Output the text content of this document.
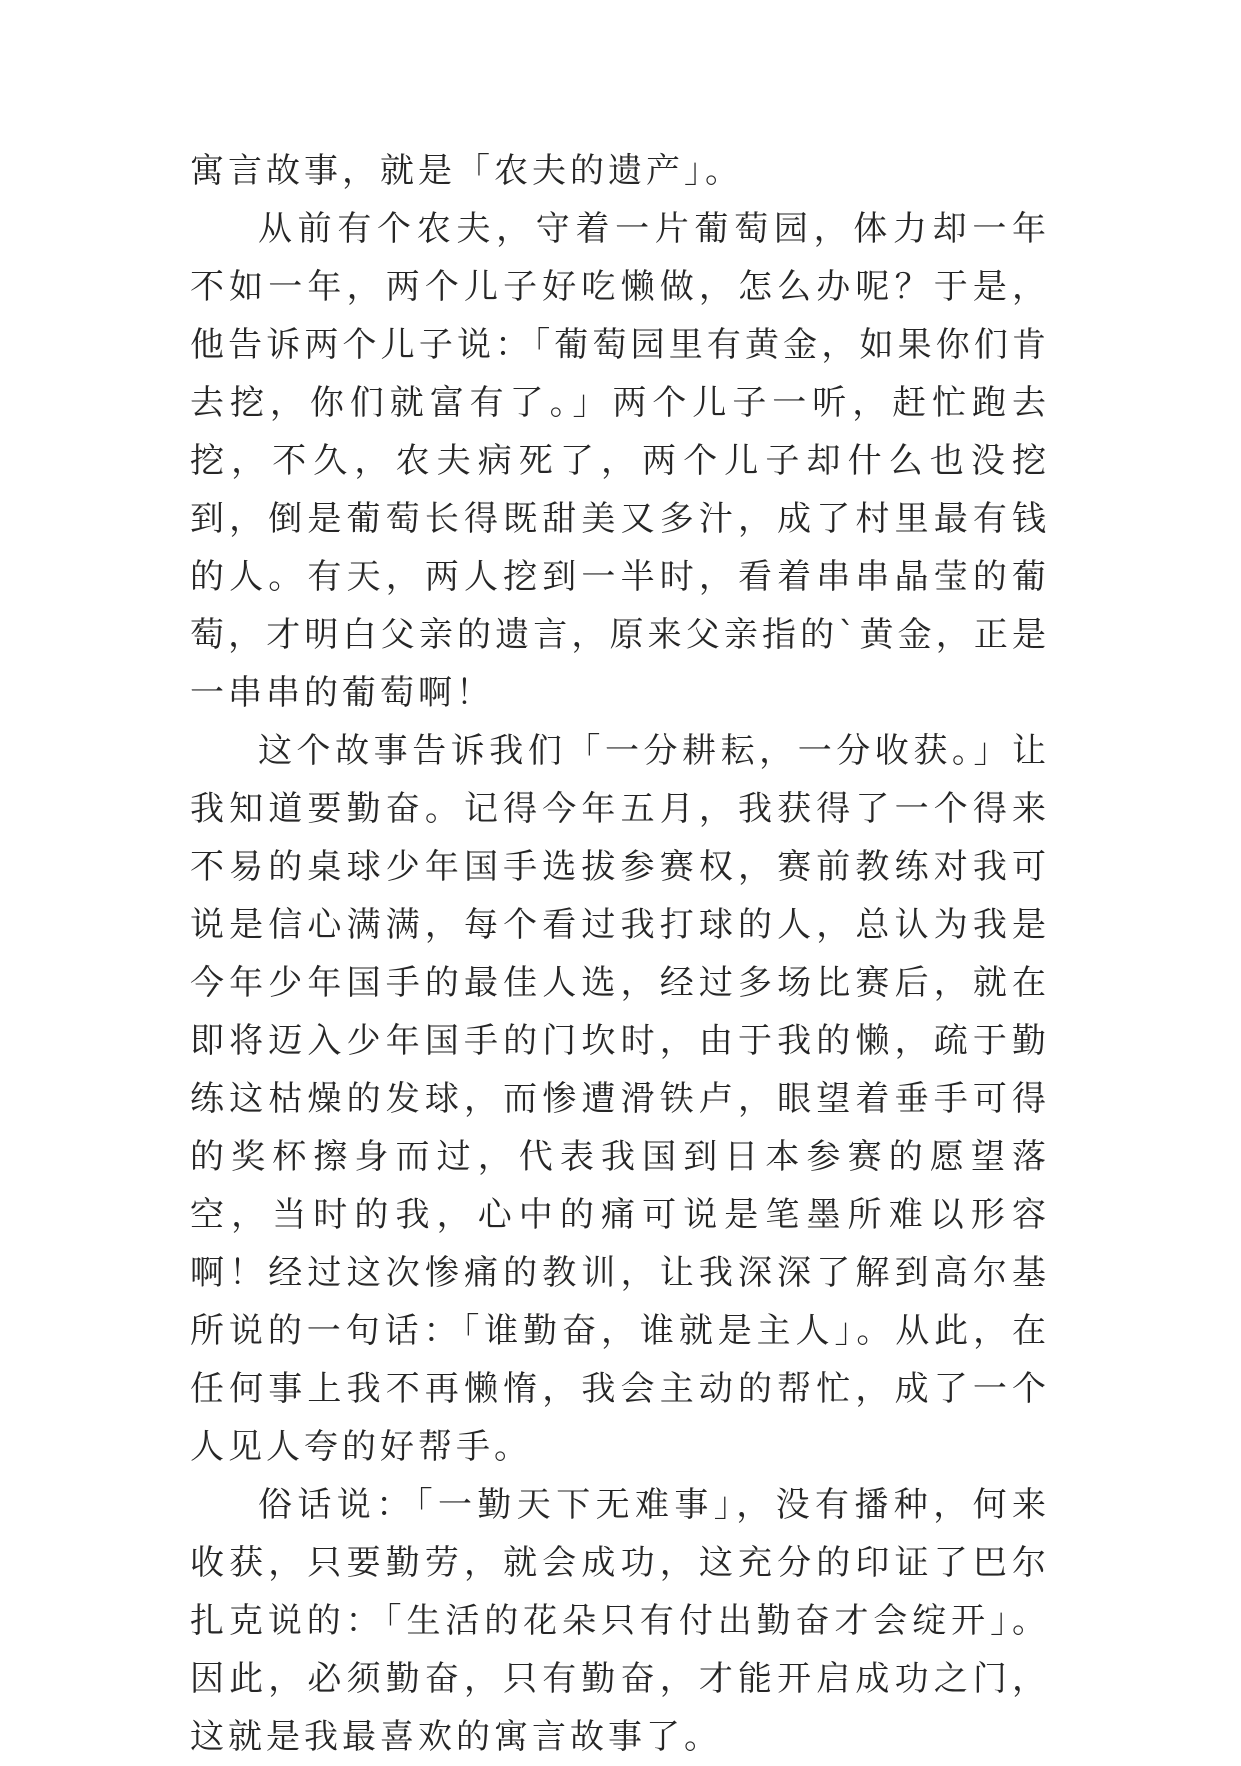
寓言故事，就是「农夫的遗产」。

从前有个农夫，守着一片葡萄园，体力却一年不如一年，两个儿子好吃懒做，怎么办呢？于是，他告诉两个儿子说：「葡萄园里有黄金，如果你们肯去挖，你们就富有了。」两个儿子一听，赶忙跑去挖，不久，农夫病死了，两个儿子却什么也没挖到，倒是葡萄长得既甜美又多汁，成了村里最有钱的人。有天，两人挖到一半时，看着串串晶莹的葡萄，才明白父亲的遗言，原来父亲指的`黄金，正是一串串的葡萄啊！

这个故事告诉我们「一分耕耘，一分收获。」让我知道要勤奋。记得今年五月，我获得了一个得来不易的桌球少年国手选拔参赛权，赛前教练对我可说是信心满满，每个看过我打球的人，总认为我是今年少年国手的最佳人选，经过多场比赛后，就在即将迈入少年国手的门坎时，由于我的懒，疏于勤练这枯燥的发球，而惨遭滑铁卢，眼望着垂手可得的奖杯擦身而过，代表我国到日本参赛的愿望落空，当时的我，心中的痛可说是笔墨所难以形容啊！经过这次惨痛的教训，让我深深了解到高尔基所说的一句话：「谁勤奋，谁就是主人」。从此，在任何事上我不再懒惰，我会主动的帮忙，成了一个人见人夸的好帮手。

俗话说：「一勤天下无难事」，没有播种，何来收获，只要勤劳，就会成功，这充分的印证了巴尔扎克说的：「生活的花朵只有付出勤奋才会绽开」。因此，必须勤奋，只有勤奋，才能开启成功之门，这就是我最喜欢的寓言故事了。
